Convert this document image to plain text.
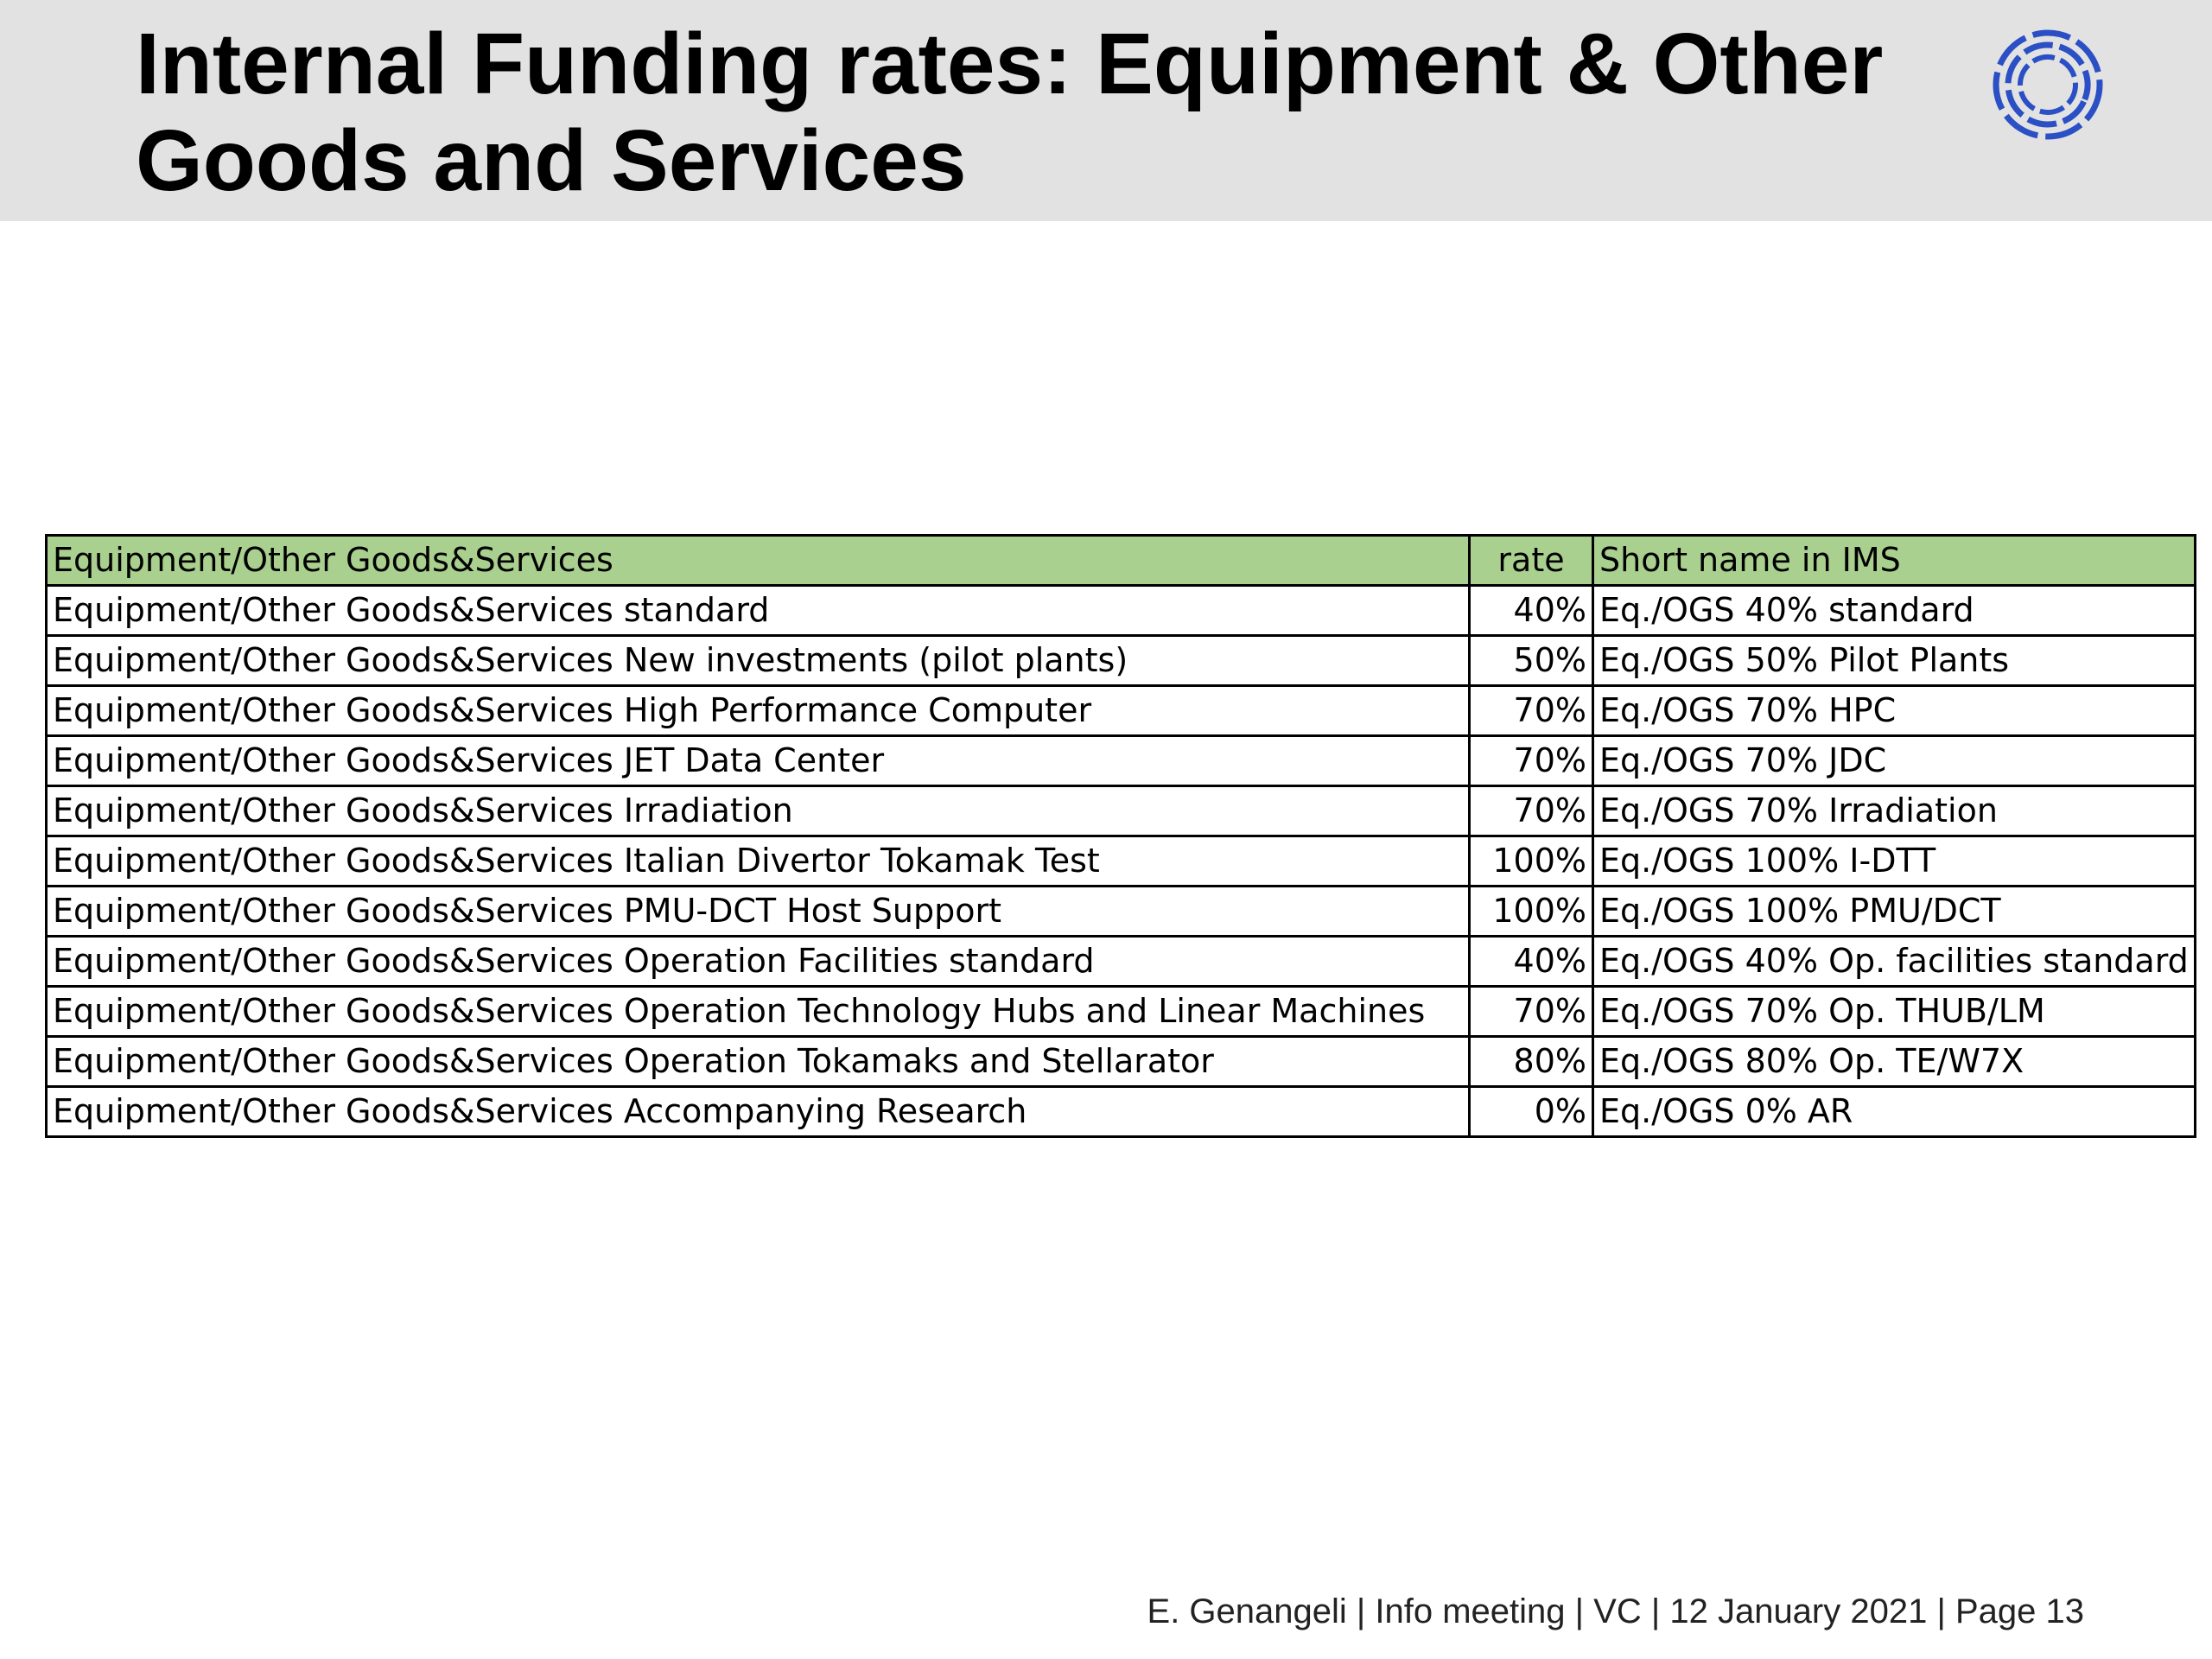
Internal Funding rates: Equipment & Other
Goods and Services
Equipment/Other Goods&Services	rate	Short name in IMS
Equipment/Other Goods&Services standard	40%	Eq./OGS 40% standard
Equipment/Other Goods&Services New investments (pilot plants)	50%	Eq./OGS 50% Pilot Plants
Equipment/Other Goods&Services High Performance Computer	70%	Eq./OGS 70% HPC
Equipment/Other Goods&Services JET Data Center	70%	Eq./OGS 70% JDC
Equipment/Other Goods&Services Irradiation	70%	Eq./OGS 70% Irradiation
Equipment/Other Goods&Services Italian Divertor Tokamak Test	100%	Eq./OGS 100% I-DTT
Equipment/Other Goods&Services PMU-DCT Host Support	100%	Eq./OGS 100% PMU/DCT
Equipment/Other Goods&Services Operation Facilities standard	40%	Eq./OGS 40% Op. facilities standard
Equipment/Other Goods&Services Operation Technology Hubs and Linear Machines	70%	Eq./OGS 70% Op. THUB/LM
Equipment/Other Goods&Services Operation Tokamaks and Stellarator	80%	Eq./OGS 80% Op. TE/W7X
Equipment/Other Goods&Services Accompanying Research	0%	Eq./OGS 0% AR
E. Genangeli | Info meeting | VC | 12 January 2021 | Page 13
